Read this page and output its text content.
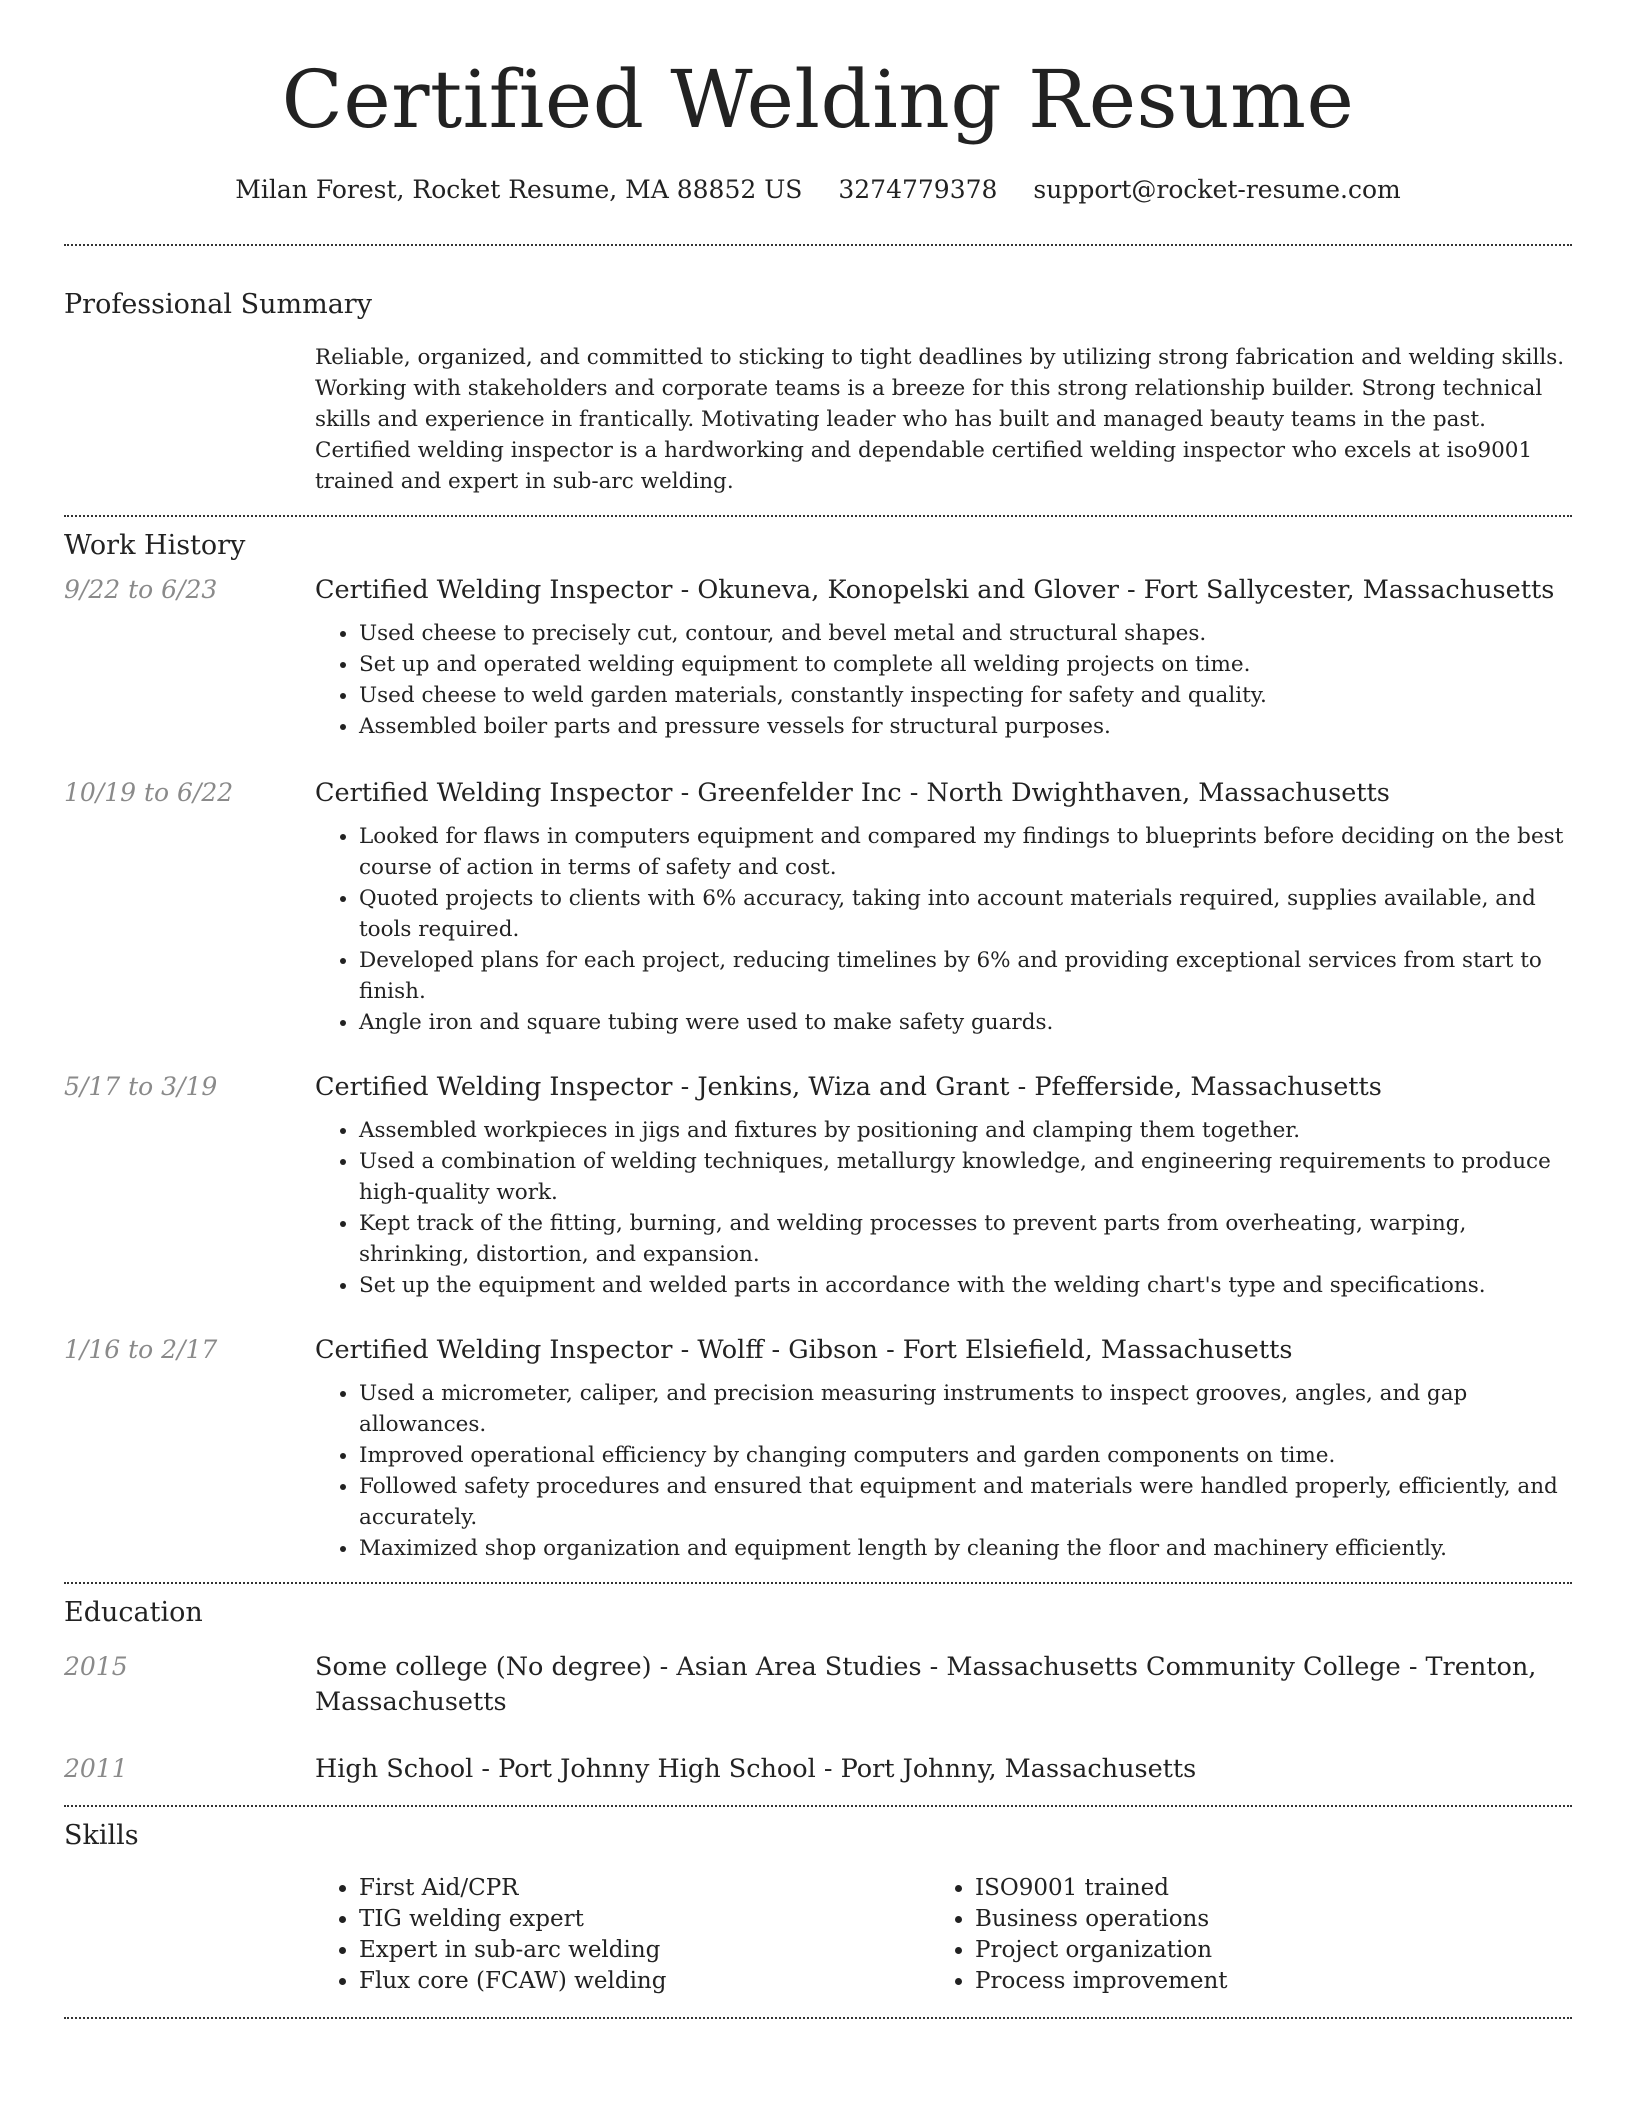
Certified Welding Resume
Milan Forest, Rocket Resume, MA 88852 US 3274779378 support@rocket-resume.com
Professional Summary

Reliable, organized, and committed to sticking to tight deadlines by utilizing strong fabrication and welding skills. Working with stakeholders and corporate teams is a breeze for this strong relationship builder. Strong technical skills and experience in frantically. Motivating leader who has built and managed beauty teams in the past. Certified welding inspector is a hardworking and dependable certified welding inspector who excels at iso9001 trained and expert in sub-arc welding.

Work History
9/22 to 6/23	Certified Welding Inspector - Okuneva, Konopelski and Glover - Fort Sallycester, Massachusetts
• Used cheese to precisely cut, contour, and bevel metal and structural shapes.
• Set up and operated welding equipment to complete all welding projects on time.
• Used cheese to weld garden materials, constantly inspecting for safety and quality.
• Assembled boiler parts and pressure vessels for structural purposes.
10/19 to 6/22	Certified Welding Inspector - Greenfelder Inc - North Dwighthaven, Massachusetts
• Looked for flaws in computers equipment and compared my findings to blueprints before deciding on the best course of action in terms of safety and cost.
• Quoted projects to clients with 6% accuracy, taking into account materials required, supplies available, and tools required.
• Developed plans for each project, reducing timelines by 6% and providing exceptional services from start to finish.
• Angle iron and square tubing were used to make safety guards.
5/17 to 3/19	Certified Welding Inspector - Jenkins, Wiza and Grant - Pfefferside, Massachusetts
• Assembled workpieces in jigs and fixtures by positioning and clamping them together.
• Used a combination of welding techniques, metallurgy knowledge, and engineering requirements to produce high-quality work.
• Kept track of the fitting, burning, and welding processes to prevent parts from overheating, warping, shrinking, distortion, and expansion.
• Set up the equipment and welded parts in accordance with the welding chart's type and specifications.
1/16 to 2/17	Certified Welding Inspector - Wolff - Gibson - Fort Elsiefield, Massachusetts
• Used a micrometer, caliper, and precision measuring instruments to inspect grooves, angles, and gap allowances.
• Improved operational efficiency by changing computers and garden components on time.
• Followed safety procedures and ensured that equipment and materials were handled properly, efficiently, and accurately.
• Maximized shop organization and equipment length by cleaning the floor and machinery efficiently.
Education
2015	Some college (No degree) - Asian Area Studies - Massachusetts Community College - Trenton, Massachusetts
2011	High School - Port Johnny High School - Port Johnny, Massachusetts
Skills
• First Aid/CPR
• TIG welding expert
• Expert in sub-arc welding
• Flux core (FCAW) welding
• ISO9001 trained
• Business operations
• Project organization
• Process improvement
